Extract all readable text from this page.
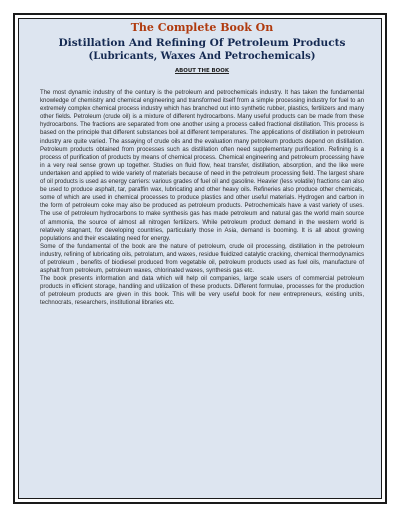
The Complete Book On
Distillation And Refining Of Petroleum Products
(Lubricants, Waxes And Petrochemicals)
ABOUT THE BOOK

The most dynamic industry of the century is the petroleum and petrochemicals industry. It has taken the fundamental knowledge of chemistry and chemical engineering and transformed itself from a simple processing industry for fuel to an extremely complex chemical process industry which has branched out into synthetic rubber, plastics, fertilizers and many other fields. Petroleum (crude oil) is a mixture of different hydrocarbons. Many useful products can be made from these hydrocarbons. The fractions are separated from one another using a process called fractional distillation. This process is based on the principle that different substances boil at different temperatures. The applications of distillation in petroleum industry are quite varied. The assaying of crude oils and the evaluation many petroleum products depend on distillation. Petroleum products obtained from processes such as distillation often need supplementary purification. Refining is a process of purification of products by means of chemical process. Chemical engineering and petroleum processing have in a very real sense grown up together. Studies on fluid flow, heat transfer, distillation, absorption, and the like were undertaken and applied to wide variety of materials because of need in the petroleum processing field. The largest share of oil products is used as energy carriers: various grades of fuel oil and gasoline. Heavier (less volatile) fractions can also be used to produce asphalt, tar, paraffin wax, lubricating and other heavy oils. Refineries also produce other chemicals, some of which are used in chemical processes to produce plastics and other useful materials. Hydrogen and carbon in the form of petroleum coke may also be produced as petroleum products. Petrochemicals have a vast variety of uses. The use of petroleum hydrocarbons to make synthesis gas has made petroleum and natural gas the world main source of ammonia, the source of almost all nitrogen fertilizers. While petroleum product demand in the western world is relatively stagnant, for developing countries, particularly those in Asia, demand is booming. It is all about growing populations and their escalating need for energy.

Some of the fundamental of the book are the nature of petroleum, crude oil processing, distillation in the petroleum industry, refining of lubricating oils, petrolatum, and waxes, residue fluidized catalytic cracking, chemical thermodynamics of petroleum , benefits of biodiesel produced from vegetable oil, petroleum products used as fuel oils, manufacture of asphalt from petroleum, petroleum waxes, chlorinated waxes, synthesis gas etc.

The book presents information and data which will help oil companies, large scale users of commercial petroleum products in efficient storage, handling and utilization of these products. Different formulae, processes for the production of petroleum products are given in this book. This will be very useful book for new entrepreneurs, existing units, technocrats, researchers, institutional libraries etc.
